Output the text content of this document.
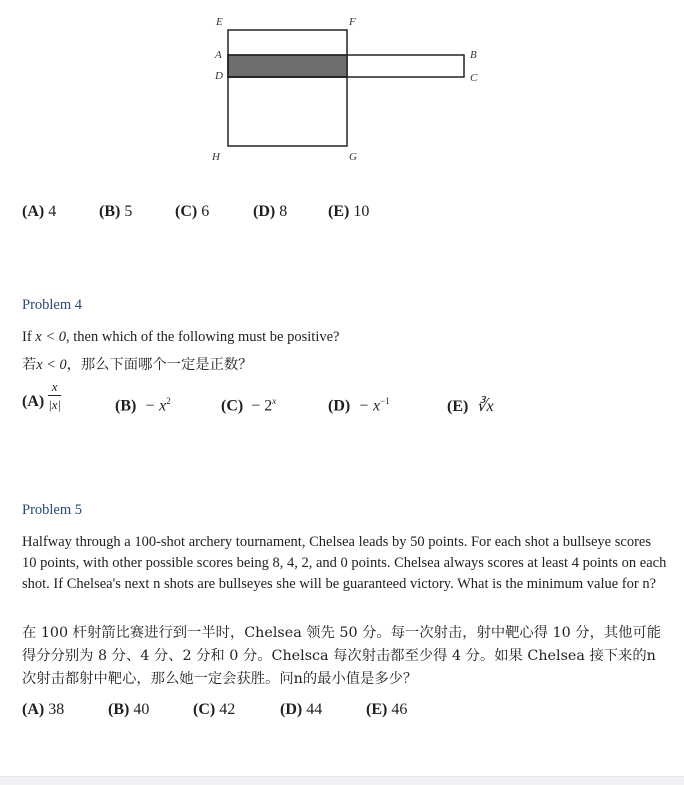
E	F
A	B
D	C
H	G
(A) 4	(B) 5	(C) 6	(D) 8	(E) 10
Problem 4
If x < 0, then which of the following must be positive?
若x < 0，那么下面哪个一定是正数？
$(A) \frac{x}{|x|}$	$(B) - x^2$	$(C) - 2^x$	$(D) - x^{-1}$	(E) ∛x
Problem 5
Halfway through a 100-shot archery tournament, Chelsea leads by 50 points. For each shot a bullseye scores 10 points, with other possible scores being 8, 4, 2, and 0 points. Chelsea always scores at least 4 points on each shot. If Chelsea's next n shots are bullseyes she will be guaranteed victory. What is the minimum value for n?
在 100 杆射箭比赛进行到一半时，Chelsea 领先 50 分。每一次射击，射中靶心得 10 分，其他可能得分分别为 8 分、4 分、2 分和 0 分。Chelsca 每次射击都至少得 4 分。如果 Chelsea 接下来的n次射击都射中靶心，那么她一定会获胜。问n的最小值是多少？
(A) 38	(B) 40	(C) 42	(D) 44	(E) 46
